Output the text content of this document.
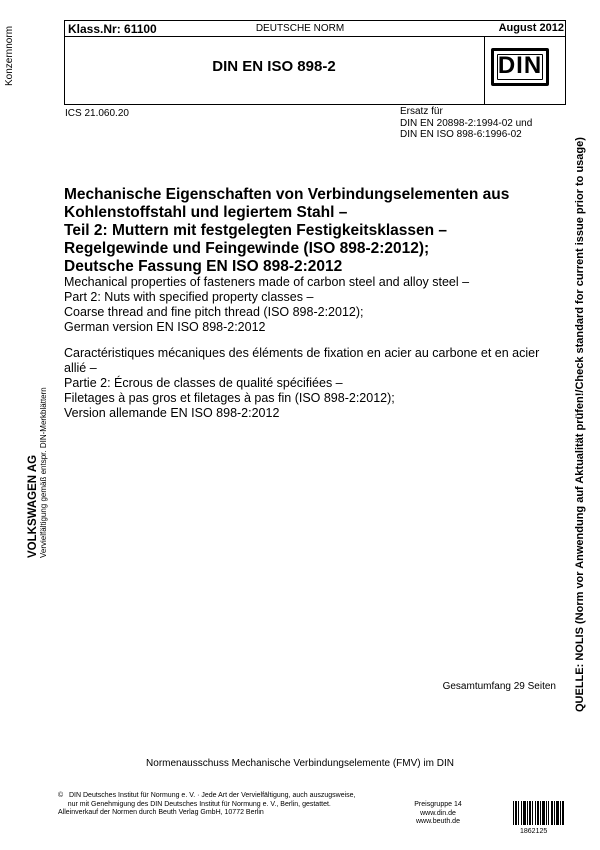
Klass.Nr: 61100	DEUTSCHE NORM	August 2012
DIN EN ISO 898-2	DIN
ICS 21.060.20	Ersatz für
DIN EN 20898-2:1994-02 und
DIN EN ISO 898-6:1996-02
Mechanische Eigenschaften von Verbindungselementen aus
Kohlenstoffstahl und legiertem Stahl –
Teil 2: Muttern mit festgelegten Festigkeitsklassen –
Regelgewinde und Feingewinde (ISO 898-2:2012);
Deutsche Fassung EN ISO 898-2:2012
Mechanical properties of fasteners made of carbon steel and alloy steel –
Part 2: Nuts with specified property classes –
Coarse thread and fine pitch thread (ISO 898-2:2012);
German version EN ISO 898-2:2012
Caractéristiques mécaniques des éléments de fixation en acier au carbone et en acier
allié –
Partie 2: Écrous de classes de qualité spécifiées –
Filetages à pas gros et filetages à pas fin (ISO 898-2:2012);
Version allemande EN ISO 898-2:2012
Gesamtumfang 29 Seiten
Normenausschuss Mechanische Verbindungselemente (FMV) im DIN
©   DIN Deutsches Institut für Normung e. V. · Jede Art der Vervielfältigung, auch auszugsweise,
nur mit Genehmigung des DIN Deutsches Institut für Normung e. V., Berlin, gestattet.
Alleinverkauf der Normen durch Beuth Verlag GmbH, 10772 Berlin
Preisgruppe 14
www.din.de
www.beuth.de
1862125
Konzernnorm
VOLKSWAGEN AG Vervielfältigung gemäß entspr. DIN-Merkblättern	QUELLE: NOLIS (Norm vor Anwendung auf Aktualität prüfen!/Check standard for current issue prior to usage)
